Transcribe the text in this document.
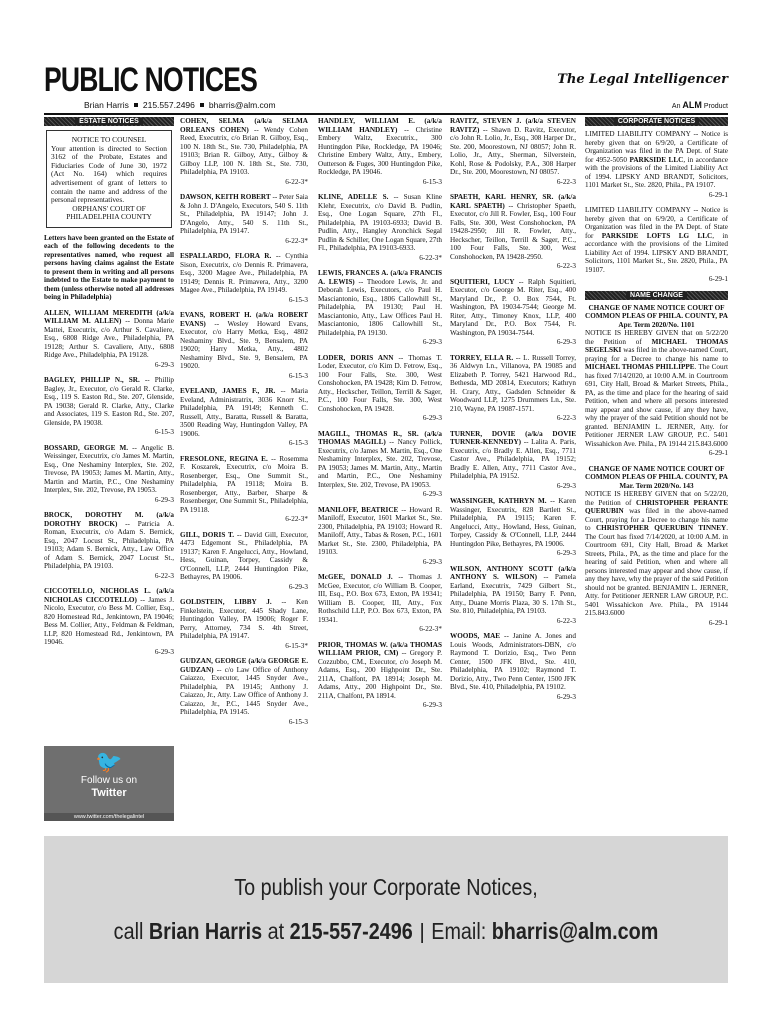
PUBLIC NOTICES
Brian Harris 215.557.2496 bharris@alm.com
The Legal Intelligencer
An ALM Product
ESTATE NOTICES
NOTICE TO COUNSEL

Your attention is directed to Section 3162 of the Probate, Estates and Fiduciaries Code of June 30, 1972 (Act No. 164) which requires advertisement of grant of letters to contain the name and address of the personal representatives.

ORPHANS' COURT OF PHILADELPHIA COUNTY
Letters have been granted on the Estate of each of the following decedents to the representatives named, who request all persons having claims against the Estate to present them in writing and all persons indebted to the Estate to make payment to them (unless otherwise noted all addresses being in Philadelphia)
ALLEN, WILLIAM MEREDITH (a/k/a WILLIAM M. ALLEN) -- Donna Marie Mattei, Executrix, c/o Arthur S. Cavaliere, Esq., 6808 Ridge Ave., Philadelphia, PA 19128; Arthur S. Cavaliere, Atty., 6808 Ridge Ave., Philadelphia, PA 19128.
6-29-3
BAGLEY, PHILLIP N., SR. -- Phillip Bagley, Jr., Executor, c/o Gerald R. Clarke, Esq., 119 S. Easton Rd., Ste. 207, Glenside, PA 19038; Gerald R. Clarke, Atty., Clarke and Associates, 119 S. Easton Rd., Ste. 207, Glenside, PA 19038.
6-15-3
BOSSARD, GEORGE M. -- Angelic B. Weissinger, Executrix, c/o James M. Martin, Esq., One Neshaminy Interplex, Ste. 202, Trevose, PA 19053; James M. Martin, Atty., Martin and Martin, P.C., One Neshaminy Interplex, Ste. 202, Trevose, PA 19053.
6-29-3
BROCK, DOROTHY M. (a/k/a DOROTHY BROCK) -- Patricia A. Roman, Executrix, c/o Adam S. Bernick, Esq., 2047 Locust St., Philadelphia, PA 19103; Adam S. Bernick, Atty., Law Office of Adam S. Bernick, 2047 Locust St., Philadelphia, PA 19103.
6-22-3
CICCOTELLO, NICHOLAS L. (a/k/a NICHOLAS CICCOTELLO) -- James J. Nicolo, Executor, c/o Bess M. Collier, Esq., 820 Homestead Rd., Jenkintown, PA 19046; Bess M. Collier, Atty., Feldman & Feldman, LLP, 820 Homestead Rd., Jenkintown, PA 19046.
6-29-3
🐦
Follow us on
Twitter
www.twitter.com/thelegalintel
COHEN, SELMA (a/k/a SELMA ORLEANS COHEN) -- Wendy Cohen Reed, Executrix, c/o Brian R. Gilboy, Esq., 100 N. 18th St., Ste. 730, Philadelphia, PA 19103; Brian R. Gilboy, Atty., Gilboy & Gilboy LLP, 100 N. 18th St., Ste. 730, Philadelphia, PA 19103.
6-22-3*
DAWSON, KEITH ROBERT -- Peter Saia & John J. D'Angelo, Executors, 540 S. 11th St., Philadelphia, PA 19147; John J. D'Angelo, Atty., 540 S. 11th St., Philadelphia, PA 19147.
6-22-3*
ESPALLARDO, FLORA R. -- Cynthia Sison, Executrix, c/o Dennis R. Primavera, Esq., 3200 Magee Ave., Philadelphia, PA 19149; Dennis R. Primavera, Atty., 3200 Magee Ave., Philadelphia, PA 19149.
6-15-3
EVANS, ROBERT H. (a/k/a ROBERT EVANS) -- Wesley Howard Evans, Executor, c/o Harry Metka, Esq., 4802 Neshaminy Blvd., Ste. 9, Bensalem, PA 19020; Harry Metka, Atty., 4802 Neshaminy Blvd., Ste. 9, Bensalem, PA 19020.
6-15-3
EVELAND, JAMES F., JR. -- Maria Eveland, Administratrix, 3036 Knorr St., Philadelphia, PA 19149; Kenneth C. Russell, Atty., Baratta, Russell & Baratta, 3500 Reading Way, Huntingdon Valley, PA 19006.
6-15-3
FRESOLONE, REGINA E. -- Rosemma F. Koszarek, Executrix, c/o Moira B. Rosenberger, Esq., One Summit St., Philadelphia, PA 19118; Moira B. Rosenberger, Atty., Barber, Sharpe & Rosenberger, One Summit St., Philadelphia, PA 19118.
6-22-3*
GILL, DORIS T. -- David Gill, Executor, 4473 Edgemont St., Philadelphia, PA 19137; Karen F. Angelucci, Atty., Howland, Hess, Guinan, Torpey, Cassidy & O'Connell, LLP, 2444 Huntingdon Pike, Bethayres, PA 19006.
6-29-3
GOLDSTEIN, LIBBY J. -- Ken Finkelstein, Executor, 445 Shady Lane, Huntingdon Valley, PA 19006; Roger F. Perry, Attorney, 734 S. 4th Street, Philadelphia, PA 19147.
6-15-3*
GUDZAN, GEORGE (a/k/a GEORGE E. GUDZAN) -- c/o Law Office of Anthony Caiazzo, Executor, 1445 Snyder Ave., Philadelphia, PA 19145; Anthony J. Caiazzo, Jr., Atty. Law Office of Anthony J. Caiazzo, Jr., P.C., 1445 Snyder Ave., Philadelphia, PA 19145.
6-15-3
HANDLEY, WILLIAM E. (a/k/a WILLIAM HANDLEY) -- Christine Embery Waltz, Executrix., 300 Huntingdon Pike, Rockledge, PA 19046; Christine Embery Waltz, Atty., Embery, Outterson & Fuges, 300 Huntingdon Pike, Rockledge, PA 19046.
6-15-3
KLINE, ADELLE S. -- Susan Kline Klehr, Executrix, c/o David B. Pudlin, Esq., One Logan Square, 27th Fl., Philadelphia, PA 19103-6933; David B. Pudlin, Atty., Hangley Aronchick Segal Pudlin & Schiller, One Logan Square, 27th Fl., Philadelphia, PA 19103-6933.
6-22-3*
LEWIS, FRANCES A. (a/k/a FRANCIS A. LEWIS) -- Theodore Lewis, Jr. and Deborah Lewis, Executors, c/o Paul H. Masciantonio, Esq., 1806 Callowhill St., Philadelphia, PA 19130; Paul H. Masciantonio, Atty., Law Offices Paul H. Masciantonio, 1806 Callowhill St., Philadelphia, PA 19130.
6-29-3
LODER, DORIS ANN -- Thomas T. Loder, Executor, c/o Kim D. Fetrow, Esq., 100 Four Falls, Ste. 300, West Conshohocken, PA 19428; Kim D. Fetrow, Atty., Heckscher, Teillon, Terrill & Sager, P.C., 100 Four Falls, Ste. 300, West Conshohocken, PA 19428.
6-29-3
MAGILL, THOMAS R., SR. (a/k/a THOMAS MAGILL) -- Nancy Pollick, Executrix, c/o James M. Martin, Esq., One Neshaminy Interplex, Ste. 202, Trevose, PA 19053; James M. Martin, Atty., Martin and Martin, P.C., One Neshaminy Interplex, Ste. 202, Trevose, PA 19053.
6-29-3
MANILOFF, BEATRICE -- Howard R. Maniloff, Executor, 1601 Market St., Ste. 2300, Philadelphia, PA 19103; Howard R. Maniloff, Atty., Tabas & Rosen, P.C., 1601 Market St., Ste. 2300, Philadelphia, PA 19103.
6-29-3
McGEE, DONALD J. -- Thomas J. McGee, Executor, c/o William B. Cooper, III, Esq., P.O. Box 673, Exton, PA 19341; William B. Cooper, III, Atty., Fox Rothschild LLP, P.O. Box 673, Exton, PA 19341.
6-22-3*
PRIOR, THOMAS W. (a/k/a THOMAS WILLIAM PRIOR, CM) -- Gregory P. Cozzubbo, CM., Executor, c/o Joseph M. Adams, Esq., 200 Highpoint Dr., Ste. 211A, Chalfont, PA 18914; Joseph M. Adams, Atty., 200 Highpoint Dr., Ste. 211A, Chalfont, PA 18914.
6-29-3
RAVITZ, STEVEN J. (a/k/a STEVEN RAVITZ) -- Shawn D. Ravitz, Executor, c/o John R. Lolio, Jr., Esq., 308 Harper Dr., Ste. 200, Moorestown, NJ 08057; John R. Lolio, Jr., Atty., Sherman, Silverstein, Kohl, Rose & Podolsky, P.A., 308 Harper Dr., Ste. 200, Moorestown, NJ 08057.
6-22-3
SPAETH, KARL HENRY, SR. (a/k/a KARL SPAETH) -- Christopher Spaeth, Executor, c/o Jill R. Fowler, Esq., 100 Four Falls, Ste. 300, West Conshohocken, PA 19428-2950; Jill R. Fowler, Atty., Heckscher, Teillon, Terrill & Sager, P.C., 100 Four Falls, Ste. 300, West Conshohocken, PA 19428-2950.
6-22-3
SQUITIERI, LUCY -- Ralph Squitieri, Executor, c/o George M. Riter, Esq., 400 Maryland Dr., P. O. Box 7544, Ft. Washington, PA 19034-7544; George M. Riter, Atty., Timoney Knox, LLP, 400 Maryland Dr., P.O. Box 7544, Ft. Washington, PA 19034-7544.
6-29-3
TORREY, ELLA R. -- L. Russell Torrey, 36 Aldwyn Ln., Villanova, PA 19085 and Elizabeth P. Torrey, 5421 Harwood Rd., Bethesda, MD 20814, Executors; Kathryn H. Crary, Atty., Gadsden Schneider & Woodward LLP, 1275 Drummers Ln., Ste. 210, Wayne, PA 19087-1571.
6-22-3
TURNER, DOVIE (a/k/a DOVIE TURNER-KENNEDY) -- Lalita A. Paris, Executrix, c/o Bradly E. Allen, Esq., 7711 Castor Ave., Philadelphia, PA 19152; Bradly E. Allen, Atty., 7711 Castor Ave., Philadelphia, PA 19152.
6-29-3
WASSINGER, KATHRYN M. -- Karen Wassinger, Executrix, 828 Bartlett St., Philadelphia, PA 19115; Karen F. Angelucci, Atty., Howland, Hess, Guinan, Torpey, Cassidy & O'Connell, LLP, 2444 Huntingdon Pike, Bethayres, PA 19006.
6-29-3
WILSON, ANTHONY SCOTT (a/k/a ANTHONY S. WILSON) -- Pamela Earland, Executrix, 7429 Gilbert St., Philadelphia, PA 19150; Barry F. Penn, Atty., Duane Morris Plaza, 30 S. 17th St., Ste. 810, Philadelphia, PA 19103.
6-22-3
WOODS, MAE -- Janine A. Jones and Louis Woods, Administrators-DBN, c/o Raymond T. Dorizio, Esq., Two Penn Center, 1500 JFK Blvd., Ste. 410, Philadelphia, PA 19102; Raymond T. Dorizio, Atty., Two Penn Center, 1500 JFK Blvd., Ste. 410, Philadelphia, PA 19102.
6-29-3
CORPORATE NOTICES
LIMITED LIABILITY COMPANY -- Notice is hereby given that on 6/9/20, a Certificate of Organization was filed in the PA Dept. of State for 4952-5050 PARKSIDE LLC, in accordance with the provisions of the Limited Liability Act of 1994. LIPSKY AND BRANDT, Solicitors, 1101 Market St., Ste. 2820, Phila., PA 19107.
6-29-1
LIMITED LIABILITY COMPANY -- Notice is hereby given that on 6/9/20, a Certificate of Organization was filed in the PA Dept. of State for PARKSIDE LOFTS LG LLC, in accordance with the provisions of the Limited Liability Act of 1994. LIPSKY AND BRANDT, Solicitors, 1101 Market St., Ste. 2820, Phila., PA 19107.
6-29-1
NAME CHANGE
CHANGE OF NAME NOTICE COURT OF COMMON PLEAS OF PHILA. COUNTY, PA
Apr. Term 2020/No. 1101
NOTICE IS HEREBY GIVEN that on 5/22/20 the Petition of MICHAEL THOMAS SEGELSKI was filed in the above-named Court, praying for a Decree to change his name to MICHAEL THOMAS PHILLIPPE. The Court has fixed 7/14/2020, at 10:00 A.M. in Courtroom 691, City Hall, Broad & Market Streets, Phila., PA, as the time and place for the hearing of said Petition, when and where all persons interested may appear and show cause, if any they have, why the prayer of the said Petition should not be granted. BENJAMIN L. JERNER, Atty. for Petitioner JERNER LAW GROUP, P.C. 5401 Wissahickon Ave. Phila., PA 19144 215.843.6000
6-29-1
CHANGE OF NAME NOTICE COURT OF COMMON PLEAS OF PHILA. COUNTY, PA
Mar. Term 2020/No. 143
NOTICE IS HEREBY GIVEN that on 5/22/20, the Petition of CHRISTOPHER PERANTE QUERUBIN was filed in the above-named Court, praying for a Decree to change his name to CHRISTOPHER QUERUBIN TINNEY. The Court has fixed 7/14/2020, at 10:00 A.M. in Courtroom 691, City Hall, Broad & Market Streets, Phila., PA, as the time and place for the hearing of said Petition, when and where all persons interested may appear and show cause, if any they have, why the prayer of the said Petition should not be granted. BENJAMIN L. JERNER, Atty. for Petitioner JERNER LAW GROUP, P.C. 5401 Wissahickon Ave. Phila., PA 19144 215.843.6000
6-29-1
To publish your Corporate Notices,
call Brian Harris at 215-557-2496 Email: bharris@alm.com
